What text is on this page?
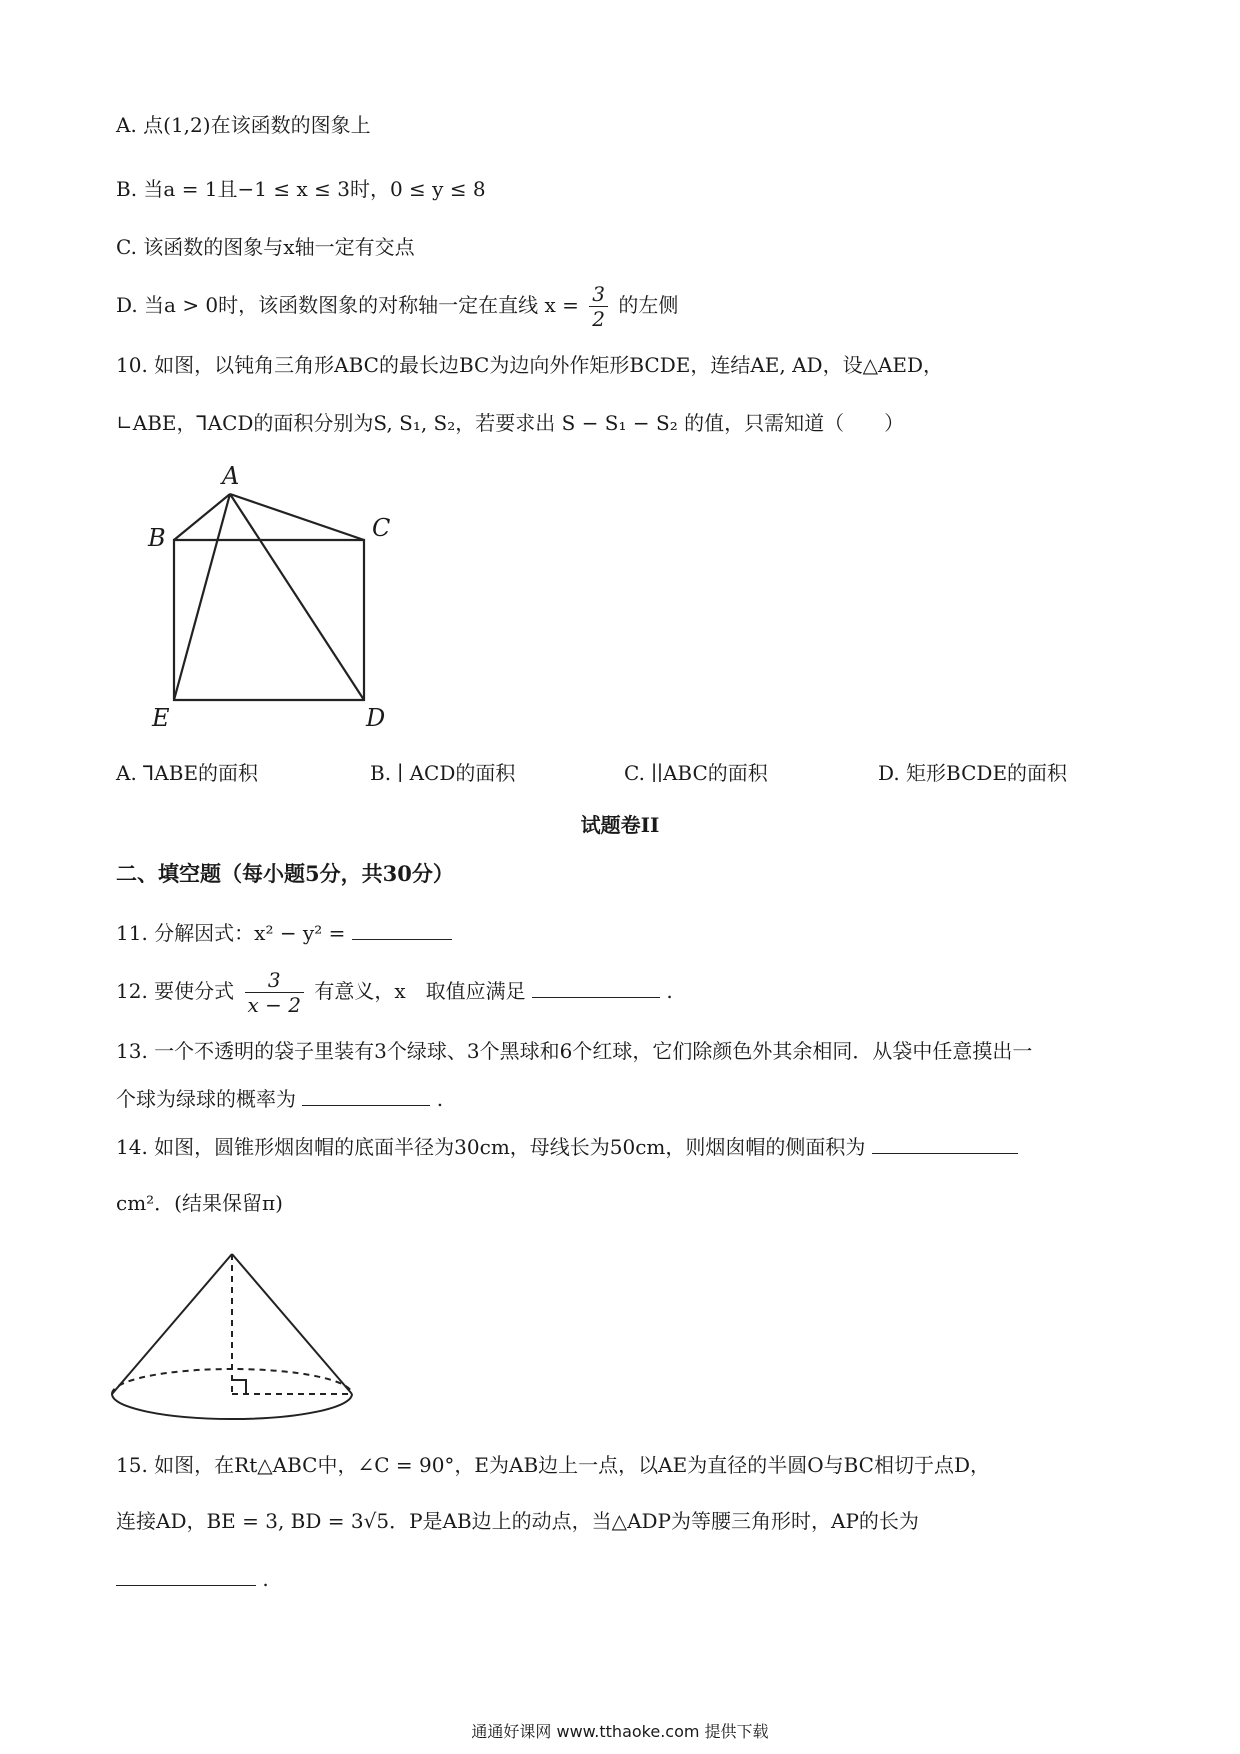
A. 点(1,2)在该函数的图象上
B. 当a = 1且−1 ≤ x ≤ 3时，0 ≤ y ≤ 8
C. 该函数的图象与x轴一定有交点
D. 当a > 0时，该函数图象的对称轴一定在直线 $x = \frac{3}{2}$ 的左侧
10. 如图，以钝角三角形ABC的最长边BC为边向外作矩形BCDE，连结AE, AD，设△AED，
∟ABE，⅂ACD的面积分别为S, S₁, S₂，若要求出 S − S₁ − S₂ 的值，只需知道（　　）
A
B	C
D
E
A. ⅂ABE的面积	B. ∣ ACD的面积	C. ∣∣ABC的面积	D. 矩形BCDE的面积
试题卷II
二、填空题（每小题5分，共30分）
11. 分解因式：x² − y² =
12. 要使分式 $\frac{3}{x - 2}$ 有意义，x　取值应满足	.
13. 一个不透明的袋子里装有3个绿球、3个黑球和6个红球，它们除颜色外其余相同．从袋中任意摸出一
个球为绿球的概率为	.
14. 如图，圆锥形烟囱帽的底面半径为30cm，母线长为50cm，则烟囱帽的侧面积为
cm²．(结果保留π)
15. 如图，在Rt△ABC中，∠C = 90°，E为AB边上一点，以AE为直径的半圆O与BC相切于点D，
连接AD，BE = 3, BD = 3√5．P是AB边上的动点，当△ADP为等腰三角形时，AP的长为
.
通通好课网 www.tthaoke.com 提供下载
